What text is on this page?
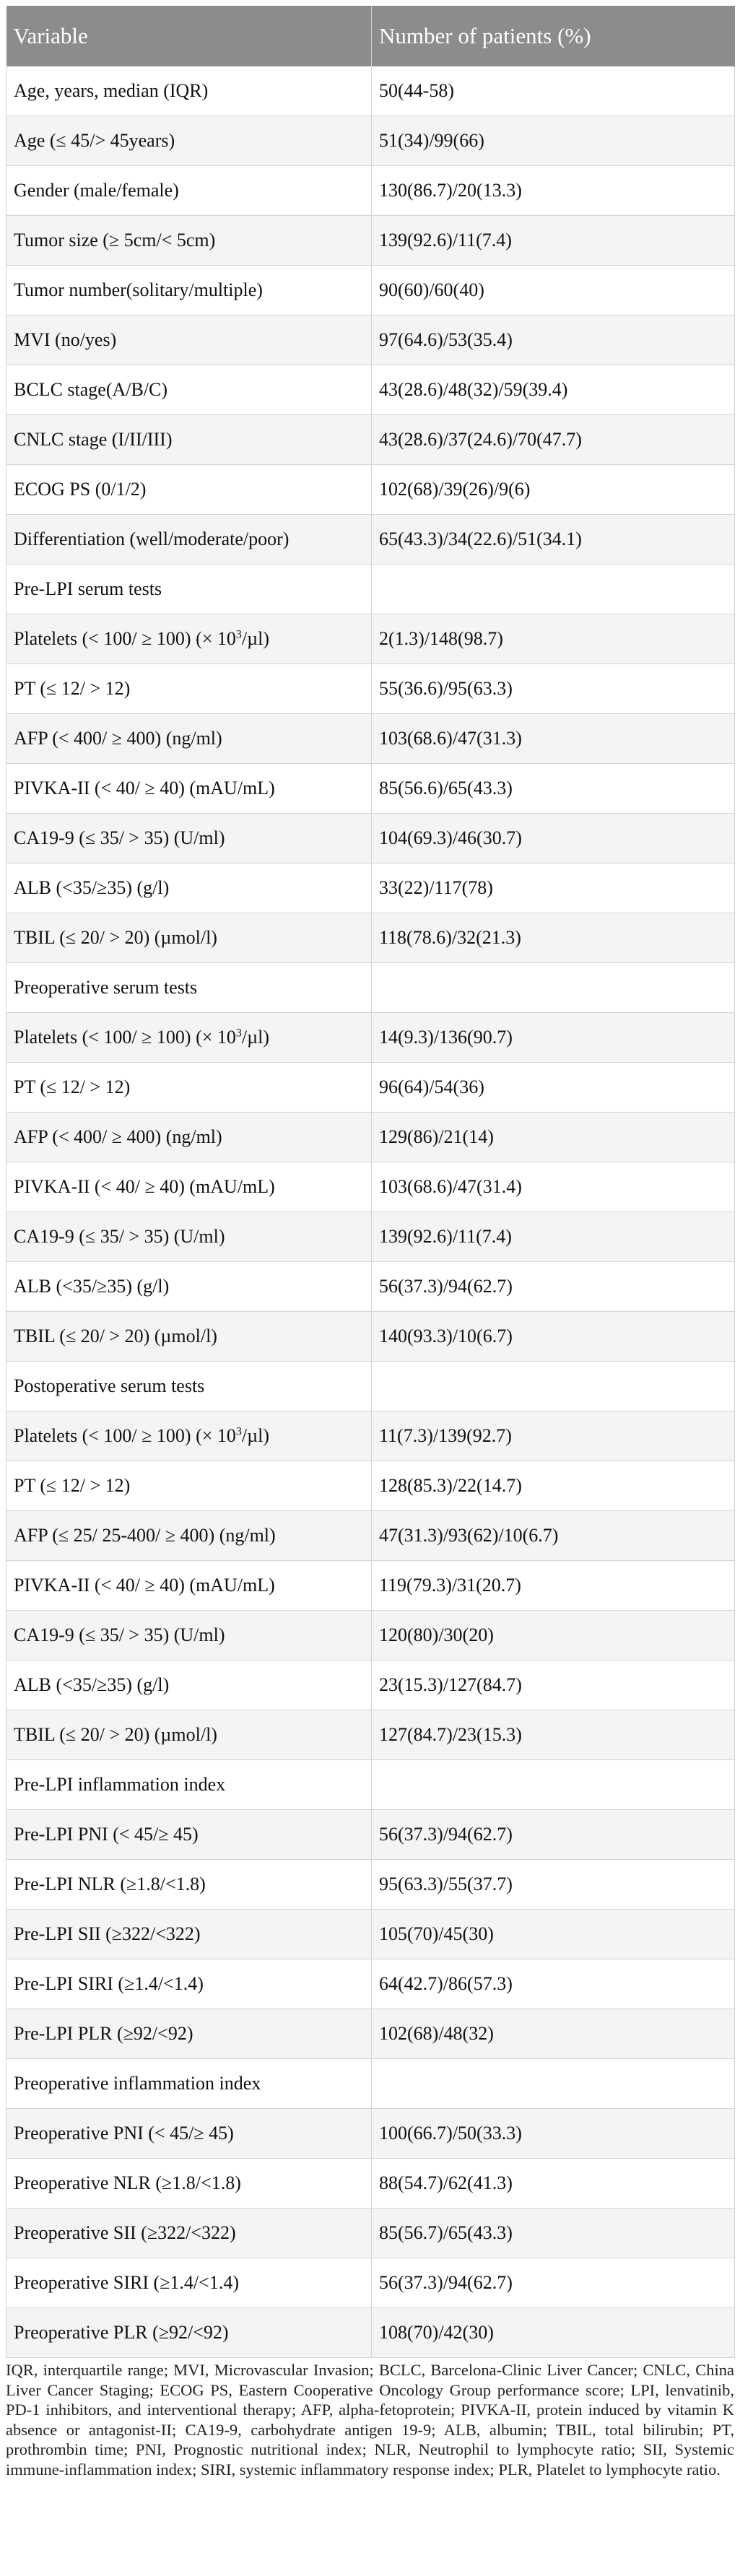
Variable	Number of patients (%)
Age, years, median (IQR)	50(44-58)
Age (≤ 45/> 45years)	51(34)/99(66)
Gender (male/female)	130(86.7)/20(13.3)
Tumor size (≥ 5cm/< 5cm)	139(92.6)/11(7.4)
Tumor number(solitary/multiple)	90(60)/60(40)
MVI (no/yes)	97(64.6)/53(35.4)
BCLC stage(A/B/C)	43(28.6)/48(32)/59(39.4)
CNLC stage (I/II/III)	43(28.6)/37(24.6)/70(47.7)
ECOG PS (0/1/2)	102(68)/39(26)/9(6)
Differentiation (well/moderate/poor)	65(43.3)/34(22.6)/51(34.1)
Pre-LPI serum tests	
Platelets (< 100/ ≥ 100) (× $10^3/\mu l$)	2(1.3)/148(98.7)
PT (≤ 12/ > 12)	55(36.6)/95(63.3)
AFP (< 400/ ≥ 400) (ng/ml)	103(68.6)/47(31.3)
PIVKA-II (< 40/ ≥ 40) (mAU/mL)	85(56.6)/65(43.3)
CA19-9 (≤ 35/ > 35) (U/ml)	104(69.3)/46(30.7)
ALB (<35/≥35) (g/l)	33(22)/117(78)
TBIL (≤ 20/ > 20) (µmol/l)	118(78.6)/32(21.3)
Preoperative serum tests	
Platelets (< 100/ ≥ 100) (× $10^3/\mu l$)	14(9.3)/136(90.7)
PT (≤ 12/ > 12)	96(64)/54(36)
AFP (< 400/ ≥ 400) (ng/ml)	129(86)/21(14)
PIVKA-II (< 40/ ≥ 40) (mAU/mL)	103(68.6)/47(31.4)
CA19-9 (≤ 35/ > 35) (U/ml)	139(92.6)/11(7.4)
ALB (<35/≥35) (g/l)	56(37.3)/94(62.7)
TBIL (≤ 20/ > 20) (µmol/l)	140(93.3)/10(6.7)
Postoperative serum tests	
Platelets (< 100/ ≥ 100) (× $10^3/\mu l$)	11(7.3)/139(92.7)
PT (≤ 12/ > 12)	128(85.3)/22(14.7)
AFP (≤ 25/ 25-400/ ≥ 400) (ng/ml)	47(31.3)/93(62)/10(6.7)
PIVKA-II (< 40/ ≥ 40) (mAU/mL)	119(79.3)/31(20.7)
CA19-9 (≤ 35/ > 35) (U/ml)	120(80)/30(20)
ALB (<35/≥35) (g/l)	23(15.3)/127(84.7)
TBIL (≤ 20/ > 20) (µmol/l)	127(84.7)/23(15.3)
Pre-LPI inflammation index	
Pre-LPI PNI (< 45/≥ 45)	56(37.3)/94(62.7)
Pre-LPI NLR (≥1.8/<1.8)	95(63.3)/55(37.7)
Pre-LPI SII (≥322/<322)	105(70)/45(30)
Pre-LPI SIRI (≥1.4/<1.4)	64(42.7)/86(57.3)
Pre-LPI PLR (≥92/<92)	102(68)/48(32)
Preoperative inflammation index	
Preoperative PNI (< 45/≥ 45)	100(66.7)/50(33.3)
Preoperative NLR (≥1.8/<1.8)	88(54.7)/62(41.3)
Preoperative SII (≥322/<322)	85(56.7)/65(43.3)
Preoperative SIRI (≥1.4/<1.4)	56(37.3)/94(62.7)
Preoperative PLR (≥92/<92)	108(70)/42(30)
IQR, interquartile range; MVI, Microvascular Invasion; BCLC, Barcelona-Clinic Liver Cancer; CNLC, China Liver Cancer Staging; ECOG PS, Eastern Cooperative Oncology Group performance score; LPI, lenvatinib, PD-1 inhibitors, and interventional therapy; AFP, alpha-fetoprotein; PIVKA-II, protein induced by vitamin K absence or antagonist-II; CA19-9, carbohydrate antigen 19-9; ALB, albumin; TBIL, total bilirubin; PT, prothrombin time; PNI, Prognostic nutritional index; NLR, Neutrophil to lymphocyte ratio; SII, Systemic immune-inflammation index; SIRI, systemic inflammatory response index; PLR, Platelet to lymphocyte ratio.
